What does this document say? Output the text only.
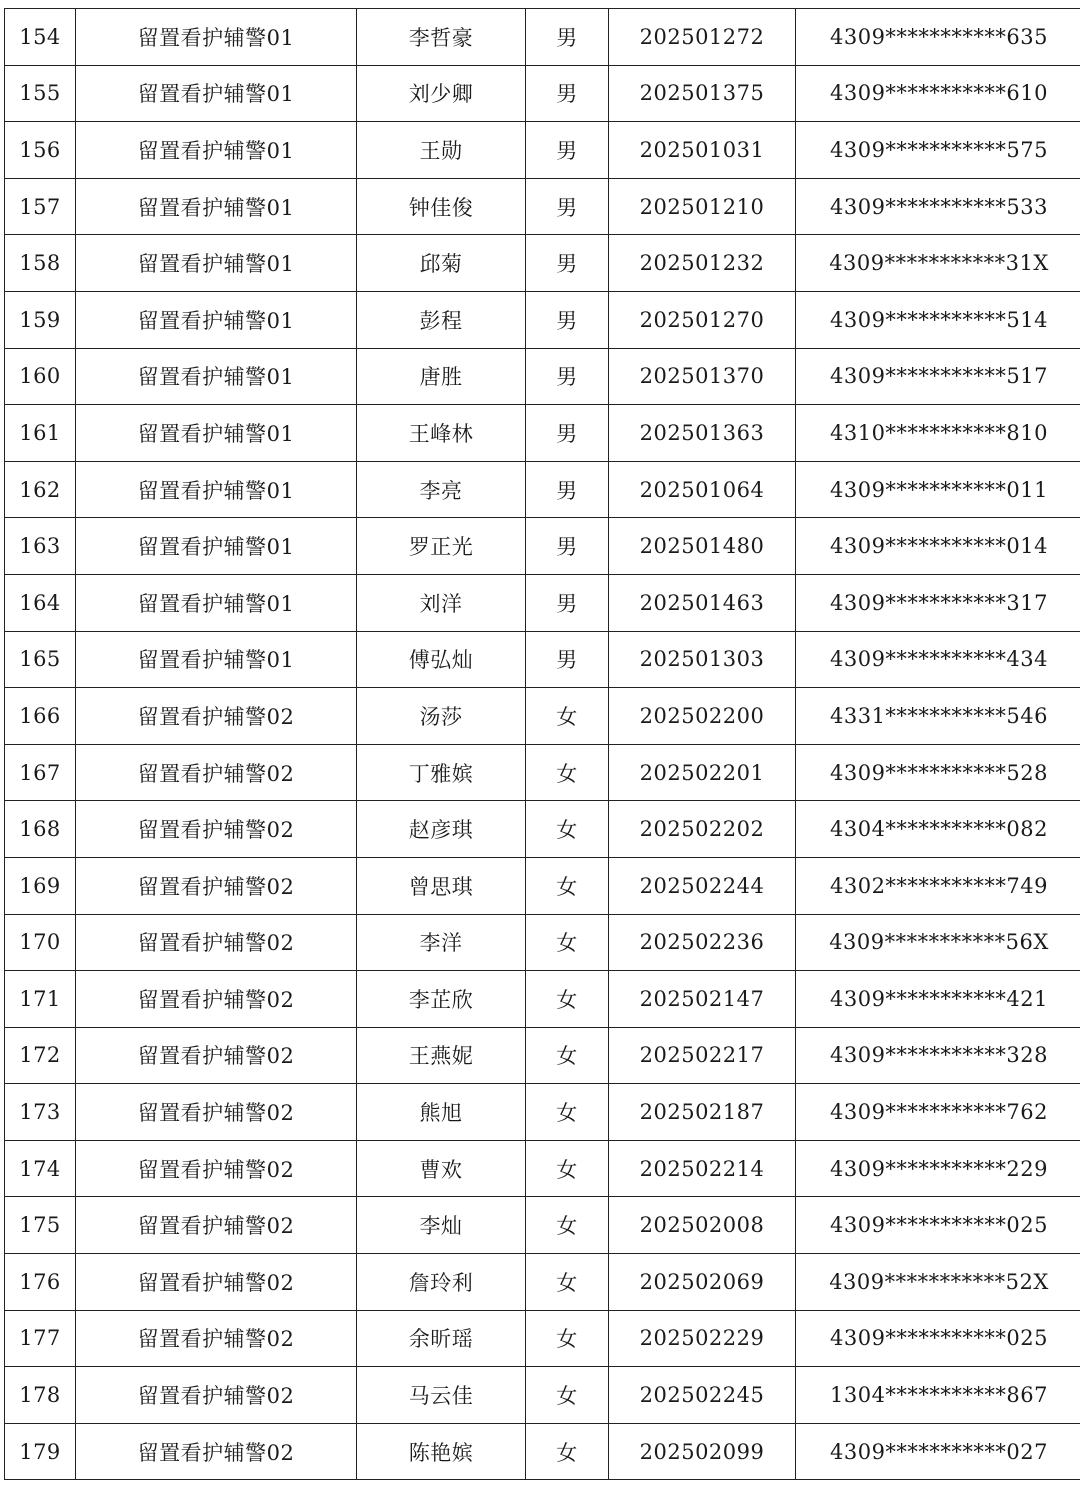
154	留置看护辅警01	李哲豪	男	202501272	4309***********635
155	留置看护辅警01	刘少卿	男	202501375	4309***********610
156	留置看护辅警01	王勋	男	202501031	4309***********575
157	留置看护辅警01	钟佳俊	男	202501210	4309***********533
158	留置看护辅警01	邱菊	男	202501232	4309***********31X
159	留置看护辅警01	彭程	男	202501270	4309***********514
160	留置看护辅警01	唐胜	男	202501370	4309***********517
161	留置看护辅警01	王峰林	男	202501363	4310***********810
162	留置看护辅警01	李亮	男	202501064	4309***********011
163	留置看护辅警01	罗正光	男	202501480	4309***********014
164	留置看护辅警01	刘洋	男	202501463	4309***********317
165	留置看护辅警01	傅弘灿	男	202501303	4309***********434
166	留置看护辅警02	汤莎	女	202502200	4331***********546
167	留置看护辅警02	丁雅嫔	女	202502201	4309***********528
168	留置看护辅警02	赵彦琪	女	202502202	4304***********082
169	留置看护辅警02	曾思琪	女	202502244	4302***********749
170	留置看护辅警02	李洋	女	202502236	4309***********56X
171	留置看护辅警02	李芷欣	女	202502147	4309***********421
172	留置看护辅警02	王燕妮	女	202502217	4309***********328
173	留置看护辅警02	熊旭	女	202502187	4309***********762
174	留置看护辅警02	曹欢	女	202502214	4309***********229
175	留置看护辅警02	李灿	女	202502008	4309***********025
176	留置看护辅警02	詹玲利	女	202502069	4309***********52X
177	留置看护辅警02	余昕瑶	女	202502229	4309***********025
178	留置看护辅警02	马云佳	女	202502245	1304***********867
179	留置看护辅警02	陈艳嫔	女	202502099	4309***********027
